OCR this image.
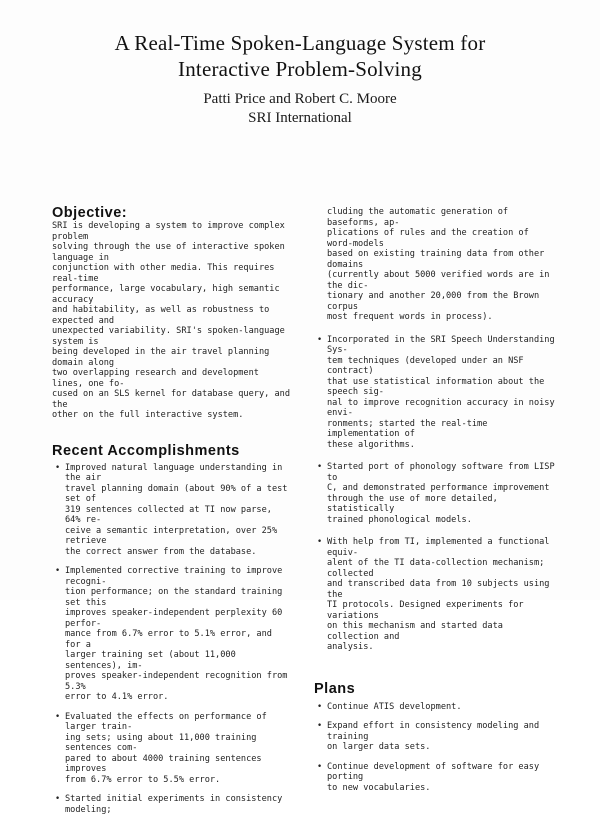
A Real-Time Spoken-Language System for
Interactive Problem-Solving
Patti Price and Robert C. Moore
SRI International
Objective:

SRI is developing a system to improve complex problem
solving through the use of interactive spoken language in
conjunction with other media. This requires real-time
performance, large vocabulary, high semantic accuracy
and habitability, as well as robustness to expected and
unexpected variability. SRI's spoken-language system is
being developed in the air travel planning domain along
two overlapping research and development lines, one fo-
cused on an SLS kernel for database query, and the
other on the full interactive system.

Recent Accomplishments
• Improved natural language understanding in the air
travel planning domain (about 90% of a test set of
319 sentences collected at TI now parse, 64% re-
ceive a semantic interpretation, over 25% retrieve
the correct answer from the database.
• Implemented corrective training to improve recogni-
tion performance; on the standard training set this
improves speaker-independent perplexity 60 perfor-
mance from 6.7% error to 5.1% error, and for a
larger training set (about 11,000 sentences), im-
proves speaker-independent recognition from 5.3%
error to 4.1% error.
• Evaluated the effects on performance of larger train-
ing sets; using about 11,000 training sentences com-
pared to about 4000 training sentences improves
from 6.7% error to 5.5% error.
• Started initial experiments in consistency modeling;

cluding the automatic generation of baseforms, ap-
plications of rules and the creation of word-models
based on existing training data from other domains
(currently about 5000 verified words are in the dic-
tionary and another 20,000 from the Brown corpus
most frequent words in process).

• Incorporated in the SRI Speech Understanding Sys-
tem techniques (developed under an NSF contract)
that use statistical information about the speech sig-
nal to improve recognition accuracy in noisy envi-
ronments; started the real-time implementation of
these algorithms.
• Started port of phonology software from LISP to
C, and demonstrated performance improvement
through the use of more detailed, statistically
trained phonological models.
• With help from TI, implemented a functional equiv-
alent of the TI data-collection mechanism; collected
and transcribed data from 10 subjects using the
TI protocols. Designed experiments for variations
on this mechanism and started data collection and
analysis.
Plans
• Continue ATIS development.
• Expand effort in consistency modeling and training
on larger data sets.
• Continue development of software for easy porting
to new vocabularies.
